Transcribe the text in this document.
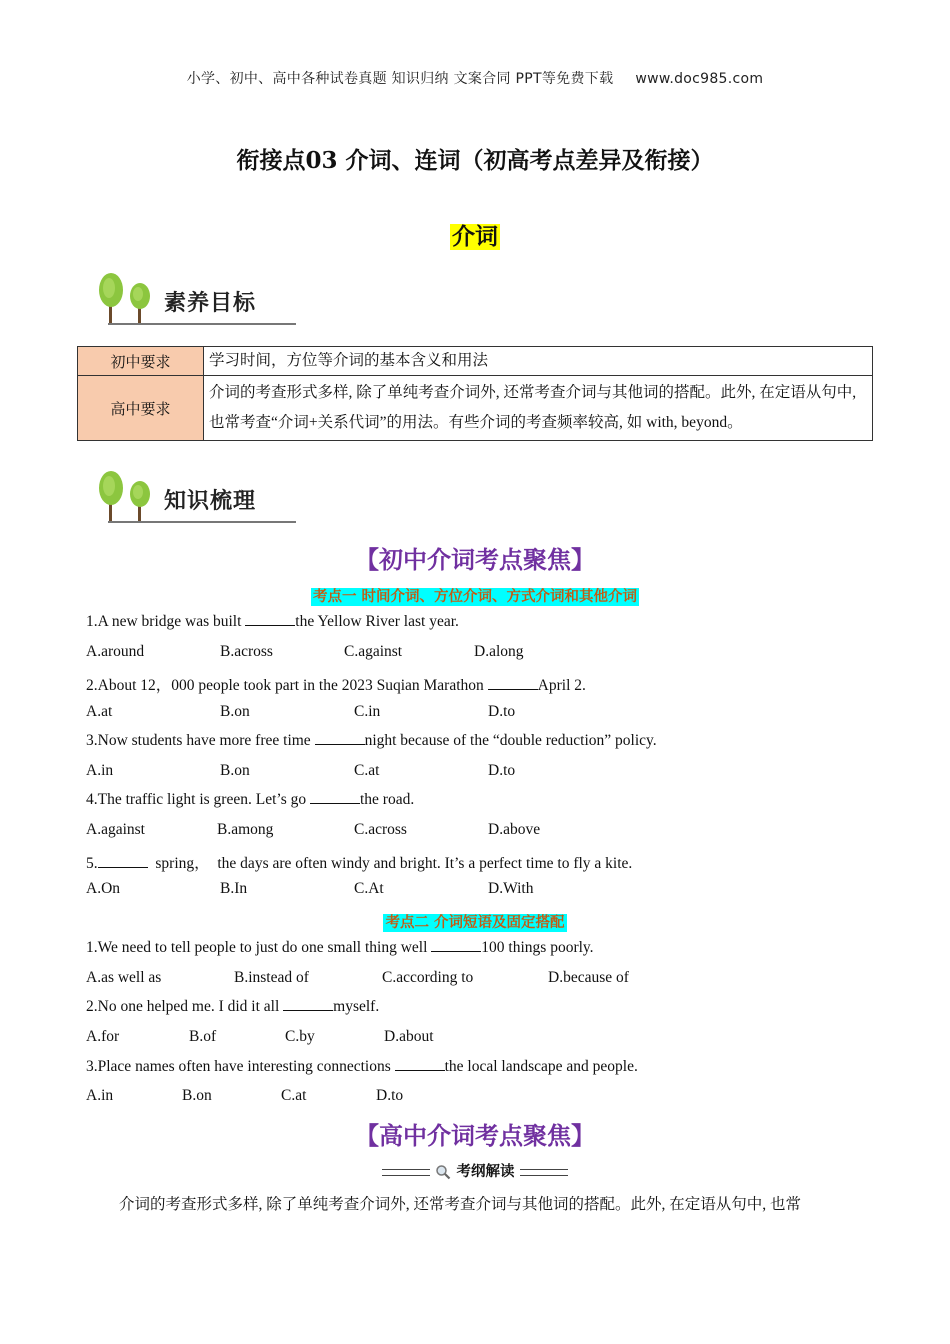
小学、初中、高中各种试卷真题 知识归纳 文案合同 PPT等免费下载 www.doc985.com
衔接点03 介词、连词（初高考点差异及衔接）
介词
素养目标
初中要求	学习时间，方位等介词的基本含义和用法
高中要求	介词的考查形式多样, 除了单纯考查介词外, 还常考查介词与其他词的搭配。此外, 在定语从句中, 也常考查“介词+关系代词”的用法。有些介词的考查频率较高, 如 with, beyond。
知识梳理
【初中介词考点聚焦】
考点一 时间介词、方位介词、方式介词和其他介词
1.A new bridge was built	the Yellow River last year.

A.around

	B.across

	C.against

	D.along

2.About 12，000 people took part in the 2023 Suqian Marathon	April 2.

A.at

	B.on

	C.in

	D.to

3.Now students have more free time	night because of the “double reduction” policy.

A.in

	B.on

	C.at

	D.to

4.The traffic light is green. Let’s go	the road.

A.against

	B.among

	C.across

	D.above

5.	spring，  the days are often windy and bright. It’s a perfect time to fly a kite.

A.On

	B.In

	C.At

	D.With

考点二 介词短语及固定搭配
1.We need to tell people to just do one small thing well	100 things poorly.

A.as well as

	B.instead of

	C.according to

	D.because of

2.No one helped me. I did it all	myself.

A.for

	B.of

	C.by

	D.about

3.Place names often have interesting connections	the local landscape and people.

A.in

	B.on

	C.at

	D.to

【高中介词考点聚焦】
考纲解读
介词的考查形式多样, 除了单纯考查介词外, 还常考查介词与其他词的搭配。此外, 在定语从句中, 也常
